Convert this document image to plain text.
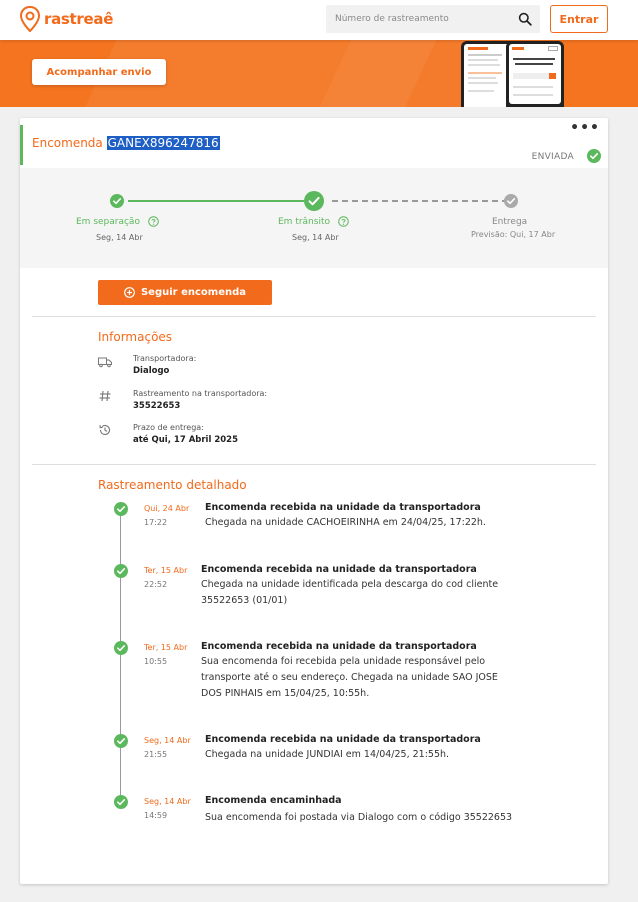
rastreaê
Número de rastreamento	Entrar
Acompanhar envio
•••
Encomenda GANEX896247816
ENVIADA
Em separação
Seg, 14 Abr
Em trânsito
Seg, 14 Abr
Entrega
Previsão: Qui, 17 Abr
Seguir encomenda
Informações
Transportadora:
Dialogo
Rastreamento na transportadora:
35522653
Prazo de entrega:
até Qui, 17 Abril 2025
Rastreamento detalhado
Qui, 24 Abr
17:22
Encomenda recebida na unidade da transportadora
Chegada na unidade CACHOEIRINHA em 24/04/25, 17:22h.
Ter, 15 Abr
22:52
Encomenda recebida na unidade da transportadora
Chegada na unidade identificada pela descarga do cod cliente 35522653 (01/01)
Ter, 15 Abr
10:55
Encomenda recebida na unidade da transportadora
Sua encomenda foi recebida pela unidade responsável pelo transporte até o seu endereço. Chegada na unidade SAO JOSE DOS PINHAIS em 15/04/25, 10:55h.
Seg, 14 Abr
21:55
Encomenda recebida na unidade da transportadora
Chegada na unidade JUNDIAI em 14/04/25, 21:55h.
Seg, 14 Abr
14:59
Encomenda encaminhada
Sua encomenda foi postada via Dialogo com o código 35522653
